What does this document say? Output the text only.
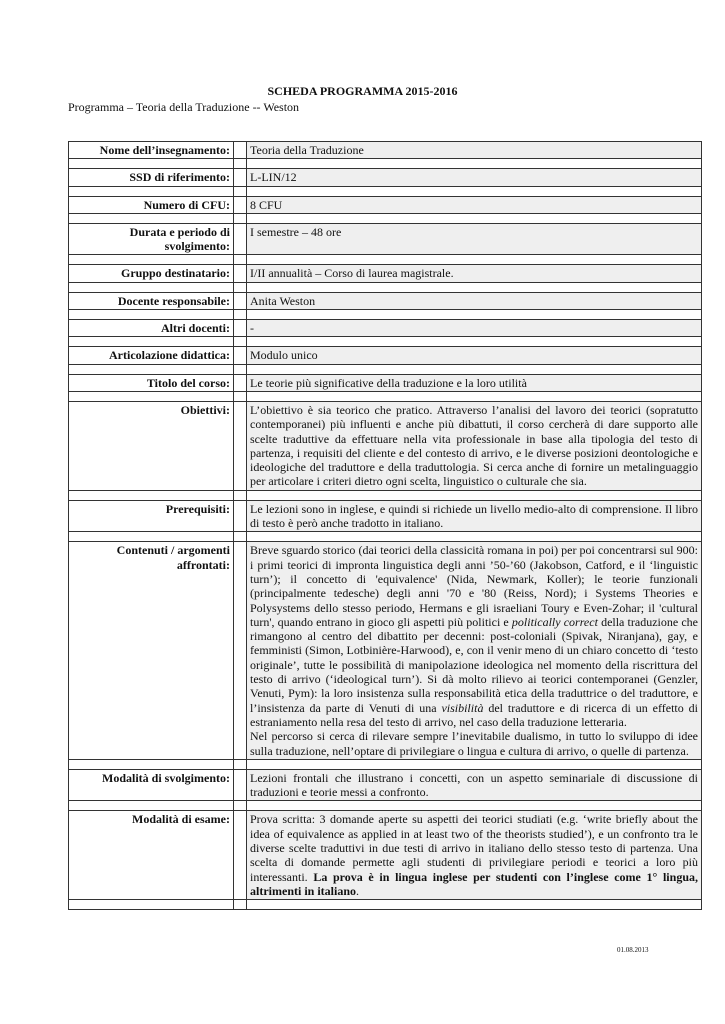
SCHEDA PROGRAMMA 2015-2016
Programma – Teoria della Traduzione -- Weston
Nome dell’insegnamento:		Teoria della Traduzione

SSD di riferimento:		L-LIN/12

Numero di CFU:		8 CFU

Durata e periodo di svolgimento:		I semestre – 48 ore

Gruppo destinatario:		I/II annualità – Corso di laurea magistrale.

Docente responsabile:		Anita Weston

Altri docenti:		-

Articolazione didattica:		Modulo unico

Titolo del corso:		Le teorie più significative della traduzione e la loro utilità

Obiettivi:		L’obiettivo è sia teorico che pratico. Attraverso l’analisi del lavoro dei teorici (sopratutto contemporanei) più influenti e anche più dibattuti, il corso cercherà di dare supporto alle scelte traduttive da effettuare nella vita professionale in base alla tipologia del testo di partenza, i requisiti del cliente e del contesto di arrivo, e le diverse posizioni deontologiche e ideologiche del traduttore e della traduttologia. Si cerca anche di fornire un metalinguaggio per articolare i criteri dietro ogni scelta, linguistico o culturale che sia.

Prerequisiti:		Le lezioni sono in inglese, e quindi si richiede un livello medio-alto di comprensione. Il libro di testo è però anche tradotto in italiano.

Contenuti / argomenti affrontati:		Breve sguardo storico (dai teorici della classicità romana in poi) per poi concentrarsi sul 900: i primi teorici di impronta linguistica degli anni ’50-’60 (Jakobson, Catford, e il ‘linguistic turn’); il concetto di 'equivalence' (Nida, Newmark, Koller); le teorie funzionali (principalmente tedesche) degli anni '70 e '80 (Reiss, Nord); i Systems Theories e Polysystems dello stesso periodo, Hermans e gli israeliani Toury e Even-Zohar; il 'cultural turn', quando entrano in gioco gli aspetti più politici e politically correct della traduzione che rimangono al centro del dibattito per decenni: post-coloniali (Spivak, Niranjana), gay, e femministi (Simon, Lotbinière-Harwood), e, con il venir meno di un chiaro concetto di ‘testo originale’, tutte le possibilità di manipolazione ideologica nel momento della riscrittura del testo di arrivo (‘ideological turn’). Si dà molto rilievo ai teorici contemporanei (Genzler, Venuti, Pym): la loro insistenza sulla responsabilità etica della traduttrice o del traduttore, e l’insistenza da parte di Venuti di una visibilità del traduttore e di ricerca di un effetto di estraniamento nella resa del testo di arrivo, nel caso della traduzione letteraria.
Nel percorso si cerca di rilevare sempre l’inevitabile dualismo, in tutto lo sviluppo di idee sulla traduzione, nell’optare di privilegiare o lingua e cultura di arrivo, o quelle di partenza.

Modalità di svolgimento:		Lezioni frontali che illustrano i concetti, con un aspetto seminariale di discussione di traduzioni e teorie messi a confronto.

Modalità di esame:		Prova scritta: 3 domande aperte su aspetti dei teorici studiati (e.g. ‘write briefly about the idea of equivalence as applied in at least two of the theorists studied’), e un confronto tra le diverse scelte traduttivi in due testi di arrivo in italiano dello stesso testo di partenza. Una scelta di domande permette agli studenti di privilegiare periodi e teorici a loro più interessanti. La prova è in lingua inglese per studenti con l’inglese come 1° lingua, altrimenti in italiano.

01.08.2013
